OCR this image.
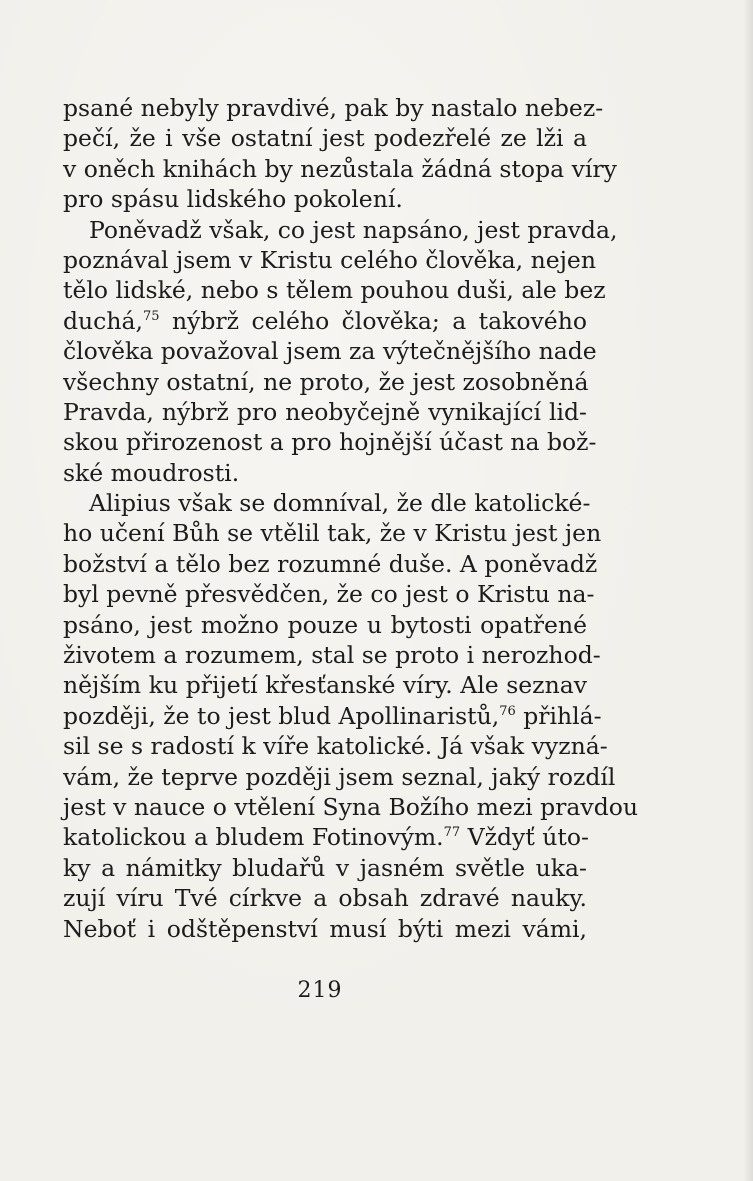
psané nebyly pravdivé, pak by nastalo nebez-
pečí, že i vše ostatní jest podezřelé ze lži a
v oněch knihách by nezůstala žádná stopa víry
pro spásu lidského pokolení.
Poněvadž však, co jest napsáno, jest pravda,
poznával jsem v Kristu celého člověka, nejen
tělo lidské, nebo s tělem pouhou duši, ale bez
duchá,$^{75}$ nýbrž celého člověka; a takového
člověka považoval jsem za výtečnějšího nade
všechny ostatní, ne proto, že jest zosobněná
Pravda, nýbrž pro neobyčejně vynikající lid-
skou přirozenost a pro hojnější účast na bož-
ské moudrosti.
Alipius však se domníval, že dle katolické-
ho učení Bůh se vtělil tak, že v Kristu jest jen
božství a tělo bez rozumné duše. A poněvadž
byl pevně přesvědčen, že co jest o Kristu na-
psáno, jest možno pouze u bytosti opatřené
životem a rozumem, stal se proto i nerozhod-
nějším ku přijetí křesťanské víry. Ale seznav
později, že to jest blud Apollinaristů,$^{76}$ přihlá-
sil se s radostí k víře katolické. Já však vyzná-
vám, že teprve později jsem seznal, jaký rozdíl
jest v nauce o vtělení Syna Božího mezi pravdou
katolickou a bludem Fotinovým.$^{77}$ Vždyť úto-
ky a námitky bludařů v jasném světle uka-
zují víru Tvé církve a obsah zdravé nauky.
Neboť i odštěpenství musí býti mezi vámi,
219
